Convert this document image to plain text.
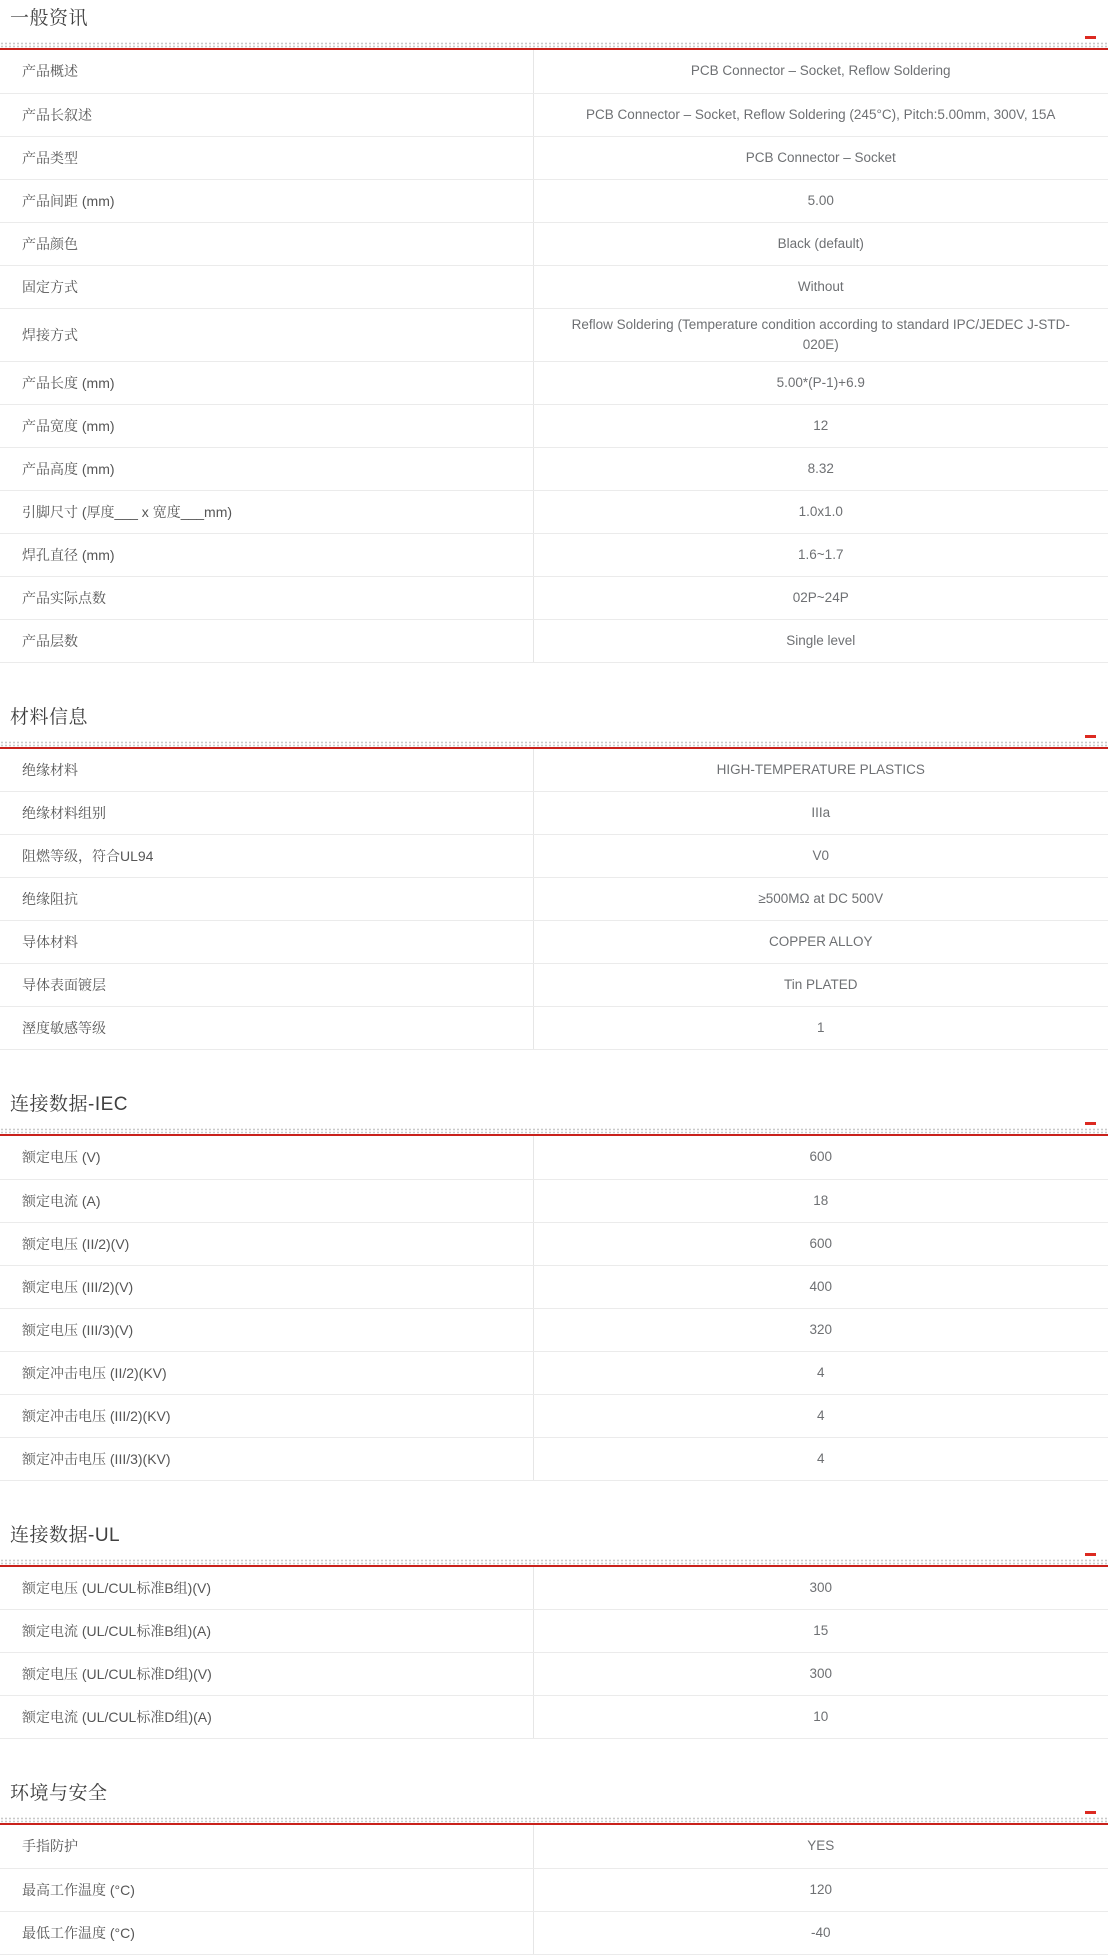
一般资讯
产品概述	PCB Connector – Socket, Reflow Soldering
产品长叙述	PCB Connector – Socket, Reflow Soldering (245°C), Pitch:5.00mm, 300V, 15A
产品类型	PCB Connector – Socket
产品间距 (mm)	5.00
产品颜色	Black (default)
固定方式	Without
焊接方式	Reflow Soldering (Temperature condition according to standard IPC/JEDEC J-STD-020E)
产品长度 (mm)	5.00*(P-1)+6.9
产品宽度 (mm)	12
产品高度 (mm)	8.32
引脚尺寸 (厚度___ x 宽度___mm)	1.0x1.0
焊孔直径 (mm)	1.6~1.7
产品实际点数	02P~24P
产品层数	Single level
材料信息
绝缘材料	HIGH-TEMPERATURE PLASTICS
绝缘材料组别	IIIa
阻燃等级，符合UL94	V0
绝缘阻抗	≥500MΩ at DC 500V
导体材料	COPPER ALLOY
导体表面镀层	Tin PLATED
溼度敏感等级	1
连接数据-IEC
额定电压 (V)	600
额定电流 (A)	18
额定电压 (II/2)(V)	600
额定电压 (III/2)(V)	400
额定电压 (III/3)(V)	320
额定冲击电压 (II/2)(KV)	4
额定冲击电压 (III/2)(KV)	4
额定冲击电压 (III/3)(KV)	4
连接数据-UL
额定电压 (UL/CUL标准B组)(V)	300
额定电流 (UL/CUL标准B组)(A)	15
额定电压 (UL/CUL标准D组)(V)	300
额定电流 (UL/CUL标准D组)(A)	10
环境与安全
手指防护	YES
最高工作温度 (°C)	120
最低工作温度 (°C)	-40
